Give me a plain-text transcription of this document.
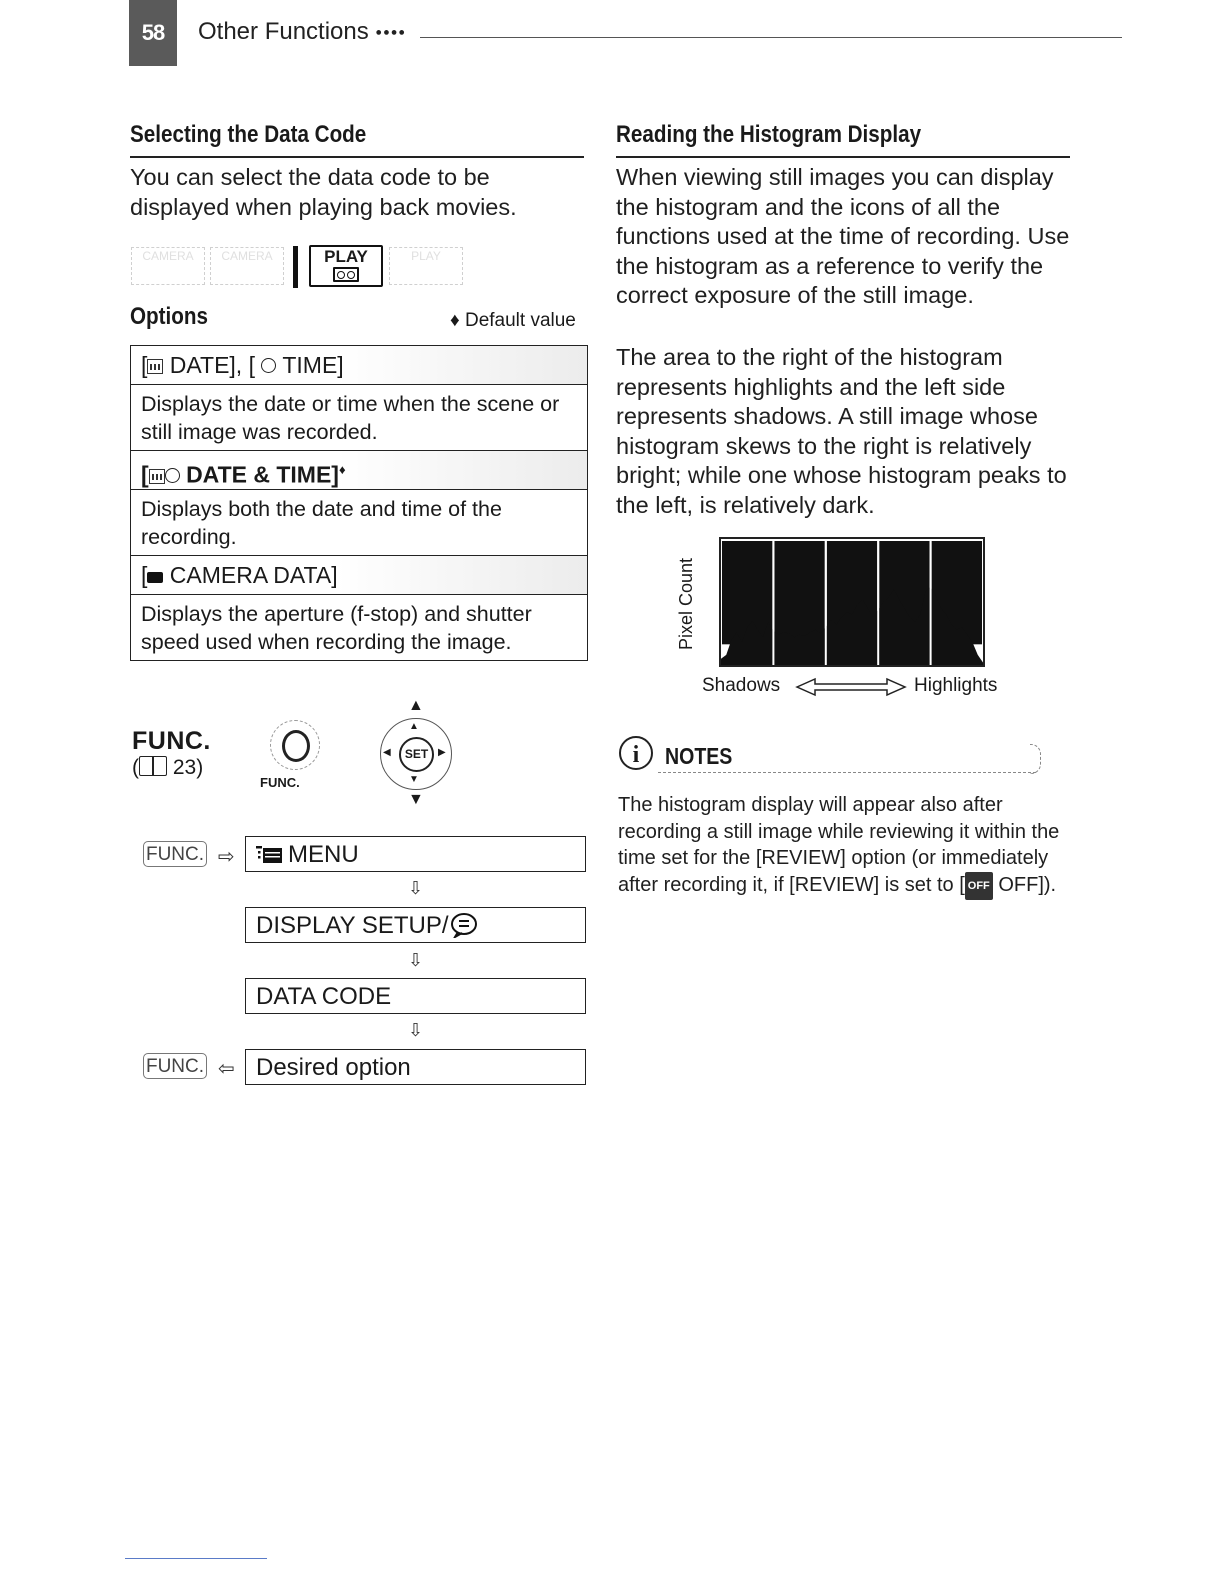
58	Other Functions ●●●●
Selecting the Data Code
You can select the data code to be displayed when playing back movies.
CAMERA	CAMERA	PLAY	PLAY
Options	♦ Default value
[ DATE], [ TIME]
Displays the date or time when the scene or still image was recorded.
[ DATE & TIME]♦
Displays both the date and time of the recording.
[ CAMERA DATA]
Displays the aperture (f-stop) and shutter speed used when recording the image.
FUNC.
( 23)
FUNC.
▲
▲
▼
◀	▶
SET
▼
FUNC. ⇨	MENU
⇩
DISPLAY SETUP/
⇩
DATA CODE
⇩
FUNC. ⇦ Desired option
Reading the Histogram Display
When viewing still images you can display the histogram and the icons of all the functions used at the time of recording. Use the histogram as a reference to verify the correct exposure of the still image.
The area to the right of the histogram represents highlights and the left side represents shadows. A still image whose histogram skews to the right is relatively bright; while one whose histogram peaks to the left, is relatively dark.
Pixel Count
Shadows	Highlights
i	NOTES
The histogram display will appear also after recording a still image while reviewing it within the time set for the [REVIEW] option (or immediately after recording it, if [REVIEW] is set to [ OFF OFF]).
